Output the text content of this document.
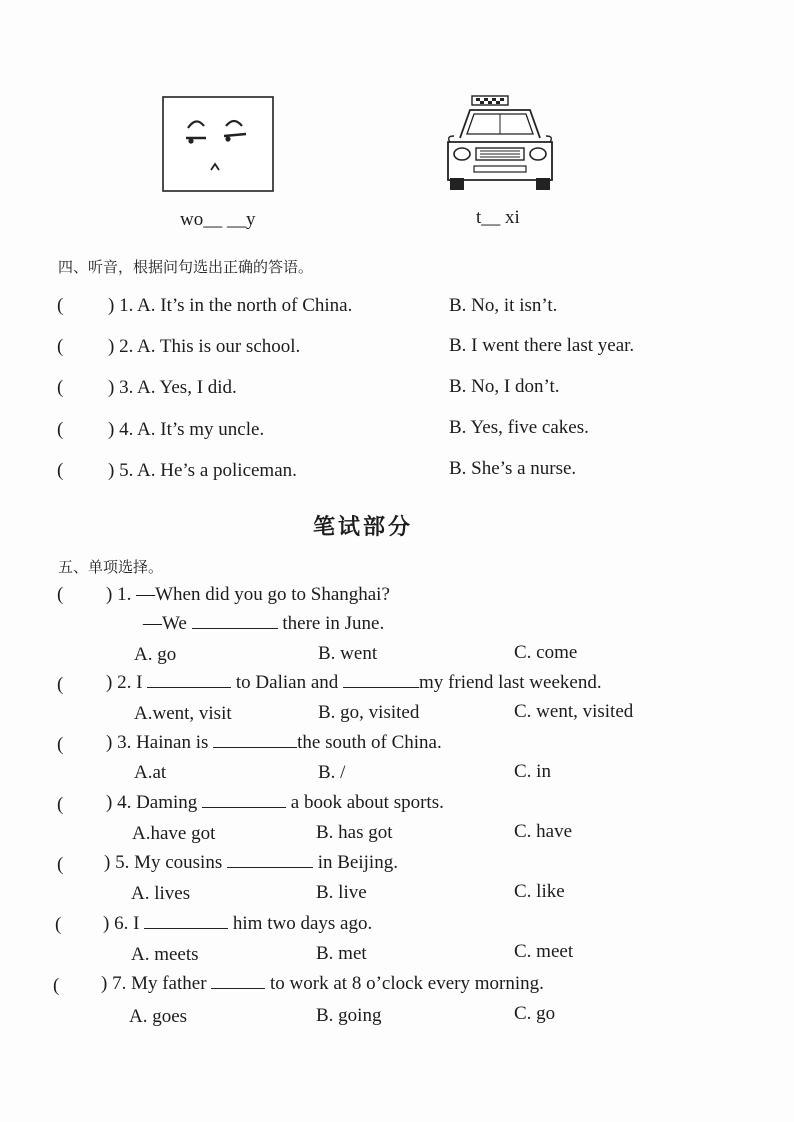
wo__ __y	t__ xi
四、听音，根据问句选出正确的答语。
( ) 1. A. It’s in the north of China.	B. No, it isn’t.
( ) 2. A. This is our school.	B. I went there last year.
( ) 3. A. Yes, I did.	B. No, I don’t.
( ) 4. A. It’s my uncle.	B. Yes, five cakes.
( ) 5. A. He’s a policeman.	B. She’s a nurse.
笔试部分
五、单项选择。
( ) 1. —When did you go to Shanghai?
—We	there in June.
A. go	B. went	C. come
( ) 2. I	to Dalian and	my friend last weekend.
A.went, visit	B. go, visited	C. went, visited
( ) 3. Hainan is	the south of China.
A.at	B. /	C. in
( ) 4. Daming	a book about sports.
A.have got	B. has got	C. have
( ) 5. My cousins	in Beijing.
A. lives	B. live	C. like
( ) 6. I	him two days ago.
A. meets	B. met	C. meet
( ) 7. My father	to work at 8 o’clock every morning.
A. goes	B. going	C. go
